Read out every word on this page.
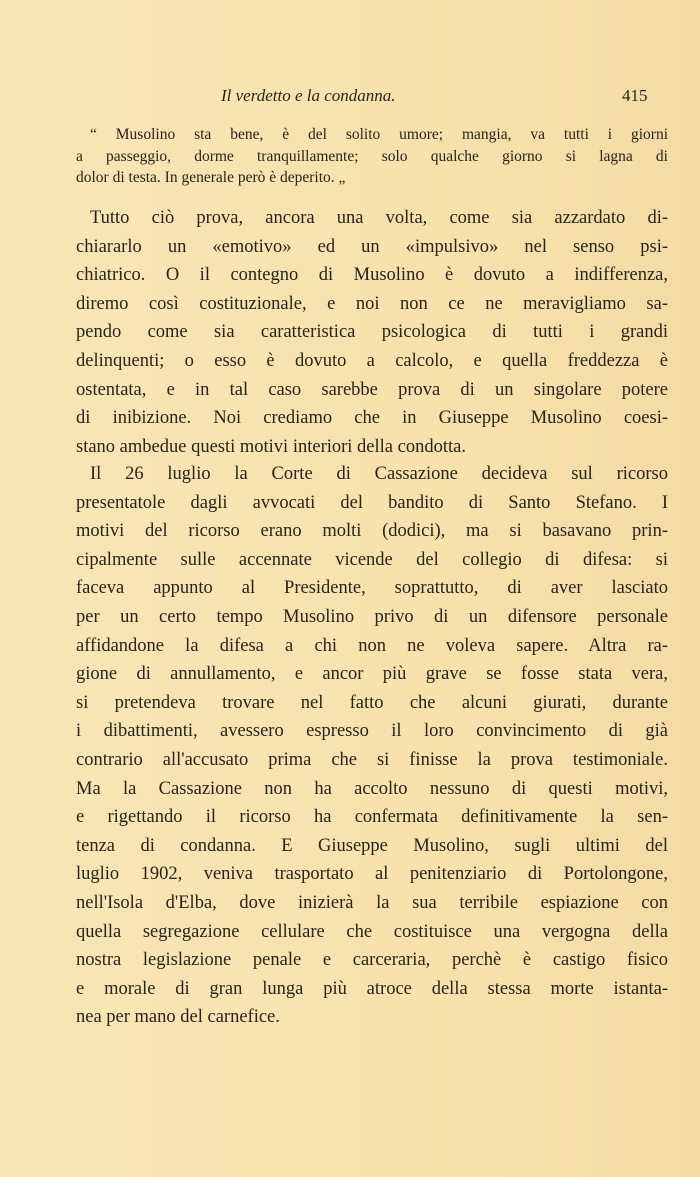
Il verdetto e la condanna.	415
“ Musolino sta bene, è del solito umore; mangia, va tutti i giorni
a passeggio, dorme tranquillamente; solo qualche giorno si lagna di
dolor di testa. In generale però è deperito. „
Tutto ciò prova, ancora una volta, come sia azzardato di-
chiararlo un «emotivo» ed un «impulsivo» nel senso psi-
chiatrico. O il contegno di Musolino è dovuto a indifferenza,
diremo così costituzionale, e noi non ce ne meravigliamo sa-
pendo come sia caratteristica psicologica di tutti i grandi
delinquenti; o esso è dovuto a calcolo, e quella freddezza è
ostentata, e in tal caso sarebbe prova di un singolare potere
di inibizione. Noi crediamo che in Giuseppe Musolino coesi-
stano ambedue questi motivi interiori della condotta.
Il 26 luglio la Corte di Cassazione decideva sul ricorso
presentatole dagli avvocati del bandito di Santo Stefano. I
motivi del ricorso erano molti (dodici), ma si basavano prin-
cipalmente sulle accennate vicende del collegio di difesa: si
faceva appunto al Presidente, soprattutto, di aver lasciato
per un certo tempo Musolino privo di un difensore personale
affidandone la difesa a chi non ne voleva sapere. Altra ra-
gione di annullamento, e ancor più grave se fosse stata vera,
si pretendeva trovare nel fatto che alcuni giurati, durante
i dibattimenti, avessero espresso il loro convincimento di già
contrario all'accusato prima che si finisse la prova testimoniale.
Ma la Cassazione non ha accolto nessuno di questi motivi,
e rigettando il ricorso ha confermata definitivamente la sen-
tenza di condanna. E Giuseppe Musolino, sugli ultimi del
luglio 1902, veniva trasportato al penitenziario di Portolongone,
nell'Isola d'Elba, dove inizierà la sua terribile espiazione con
quella segregazione cellulare che costituisce una vergogna della
nostra legislazione penale e carceraria, perchè è castigo fisico
e morale di gran lunga più atroce della stessa morte istanta-
nea per mano del carnefice.
